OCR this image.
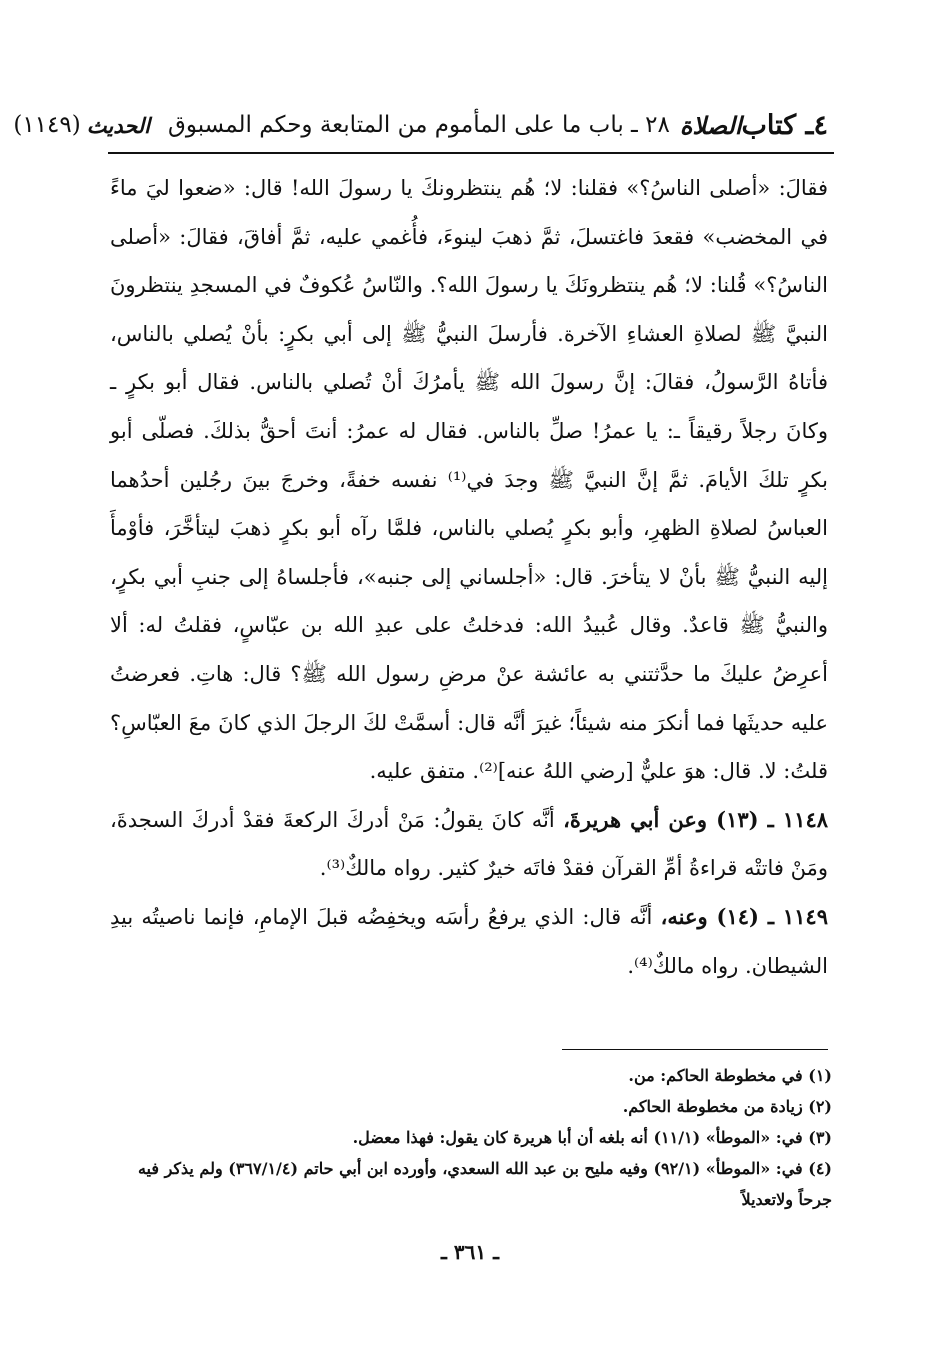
٤ـ كتاب
الصلاة
٢٨ ـ باب ما على المأموم من المتابعة وحكم المسبوق
الحديث
(١١٤٩)

فقالَ: «أصلى الناسُ؟» فقلنا: لا؛ هُم ينتظرونكَ يا رسولَ الله! قال: «ضعوا ليَ ماءً في المخضب» فقعدَ فاغتسلَ، ثمَّ ذهبَ لينوءَ، فأُغمي عليه، ثمَّ أفاقَ، فقالَ: «أصلى الناسُ؟» قُلنا: لا؛ هُم ينتظرونَكَ يا رسولَ الله؟. والنّاسُ عُكوفٌ في المسجدِ ينتظرونَ النبيَّ ﷺ لصلاةِ العشاءِ الآخرة. فأرسلَ النبيُّ ﷺ إلى أبي بكرٍ: بأنْ يُصلي بالناس، فأتاهُ الرَّسولُ، فقالَ: إنَّ رسولَ الله ﷺ يأمرُكَ أنْ تُصلي بالناس. فقال أبو بكرٍ ـ وكانَ رجلاً رقيقاً ـ: يا عمرُ! صلِّ بالناس. فقال له عمرُ: أنتَ أحقُّ بذلكَ. فصلّى أبو بكرٍ تلكَ الأيامَ. ثمَّ إنَّ النبيَّ ﷺ وجدَ في⁽¹⁾ نفسه خفةً، وخرجَ بينَ رجُلين أحدُهما العباسُ لصلاةِ الظهرِ، وأبو بكرٍ يُصلي بالناس، فلمَّا رآه أبو بكرٍ ذهبَ ليتأخَّرَ، فأوْمأَ إليه النبيُّ ﷺ بأنْ لا يتأخرَ. قال: «أجلساني إلى جنبه»، فأجلساهُ إلى جنبِ أبي بكرٍ، والنبيُّ ﷺ قاعدٌ. وقال عُبيدُ الله: فدخلتُ على عبدِ الله بن عبّاسٍ، فقلتُ له: ألا أعرِضُ عليكَ ما حدَّثتني به عائشة عنْ مرضِ رسول الله ﷺ؟ قال: هاتِ. فعرضتُ عليه حديثَها فما أنكرَ منه شيئاً؛ غيرَ أنَّه قال: أسمَّتْ لكَ الرجلَ الذي كانَ معَ العبّاسِ؟ قلتُ: لا. قال: هوَ عليٌّ [رضي اللهُ عنه]⁽²⁾. متفق عليه.

١١٤٨ ـ (١٣) وعن أبي هريرةَ، أنَّه كانَ يقولُ: مَنْ أدركَ الركعةَ فقدْ أدركَ السجدةَ، ومَنْ فاتتْه قراءةُ أمِّ القرآن فقدْ فاتَه خيرٌ كثير. رواه مالكٌ⁽³⁾.

١١٤٩ ـ (١٤) وعنه، أنَّه قال: الذي يرفعُ رأسَه ويخفِضُه قبلَ الإمامِ، فإنما ناصيتُه بيدِ الشيطان. رواه مالكٌ⁽⁴⁾.

(١) في مخطوطة الحاكم: من.

(٢) زيادة من مخطوطة الحاكم.

(٣) في: «الموطأ» (١١/١) أنه بلغه أن أبا هريرة كان يقول: فهذا معضل.

(٤) في: «الموطأ» (٩٢/١) وفيه مليح بن عبد الله السعدي، وأورده ابن أبي حاتم (٣٦٧/١/٤) ولم يذكر فيه جرحاً ولاتعديلاً

ـ ٣٦١ ـ
